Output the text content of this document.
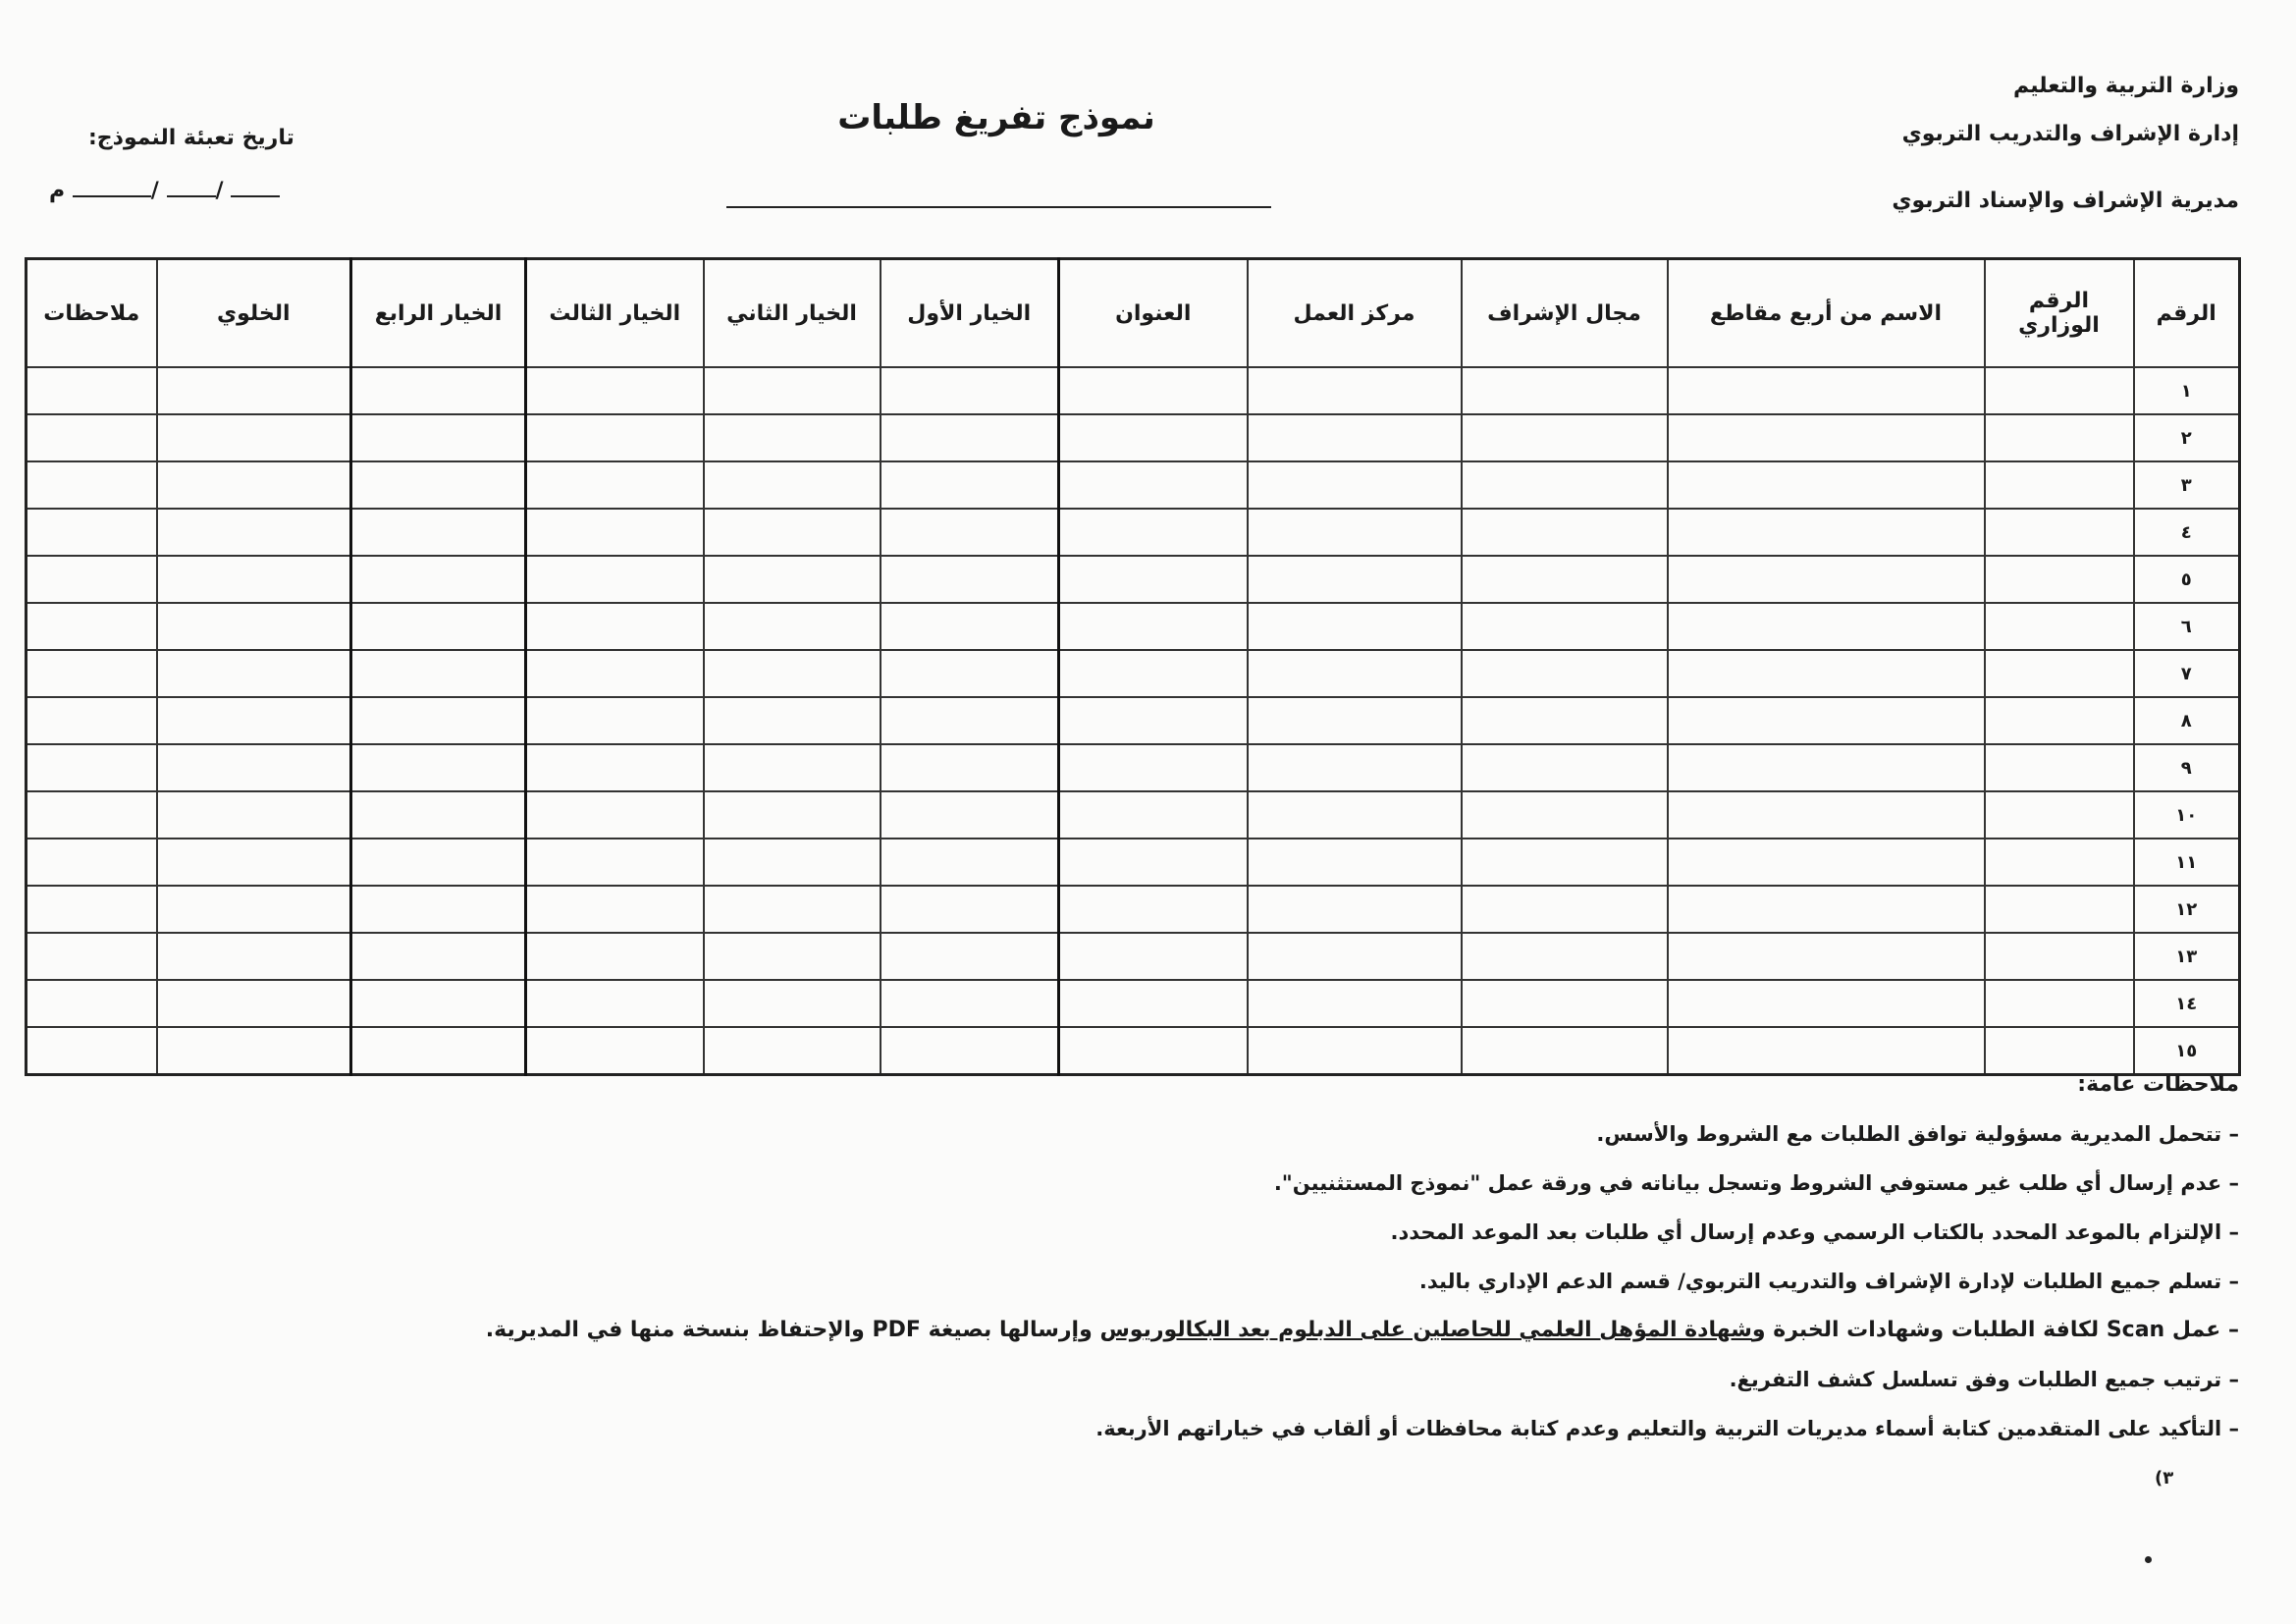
وزارة التربية والتعليم
إدارة الإشراف والتدريب التربوي
مديرية الإشراف والإسناد التربوي
نموذج تفريغ طلبات
تاريخ تعبئة النموذج:
م	/	/
الرقم	الرقم الوزاري	الاسم من أربع مقاطع	مجال الإشراف	مركز العمل	العنوان	الخيار الأول	الخيار الثاني	الخيار الثالث	الخيار الرابع	الخلوي	ملاحظات
١											
٢											
٣											
٤											
٥											
٦											
٧											
٨											
٩											
١٠											
١١											
١٢											
١٣											
١٤											
١٥											
ملاحظات عامة:
– تتحمل المديرية مسؤولية توافق الطلبات مع الشروط والأسس.
– عدم إرسال أي طلب غير مستوفي الشروط وتسجل بياناته في ورقة عمل "نموذج المستثنيين".
– الإلتزام بالموعد المحدد بالكتاب الرسمي وعدم إرسال أي طلبات بعد الموعد المحدد.
– تسلم جميع الطلبات لإدارة الإشراف والتدريب التربوي/ قسم الدعم الإداري باليد.
– عمل Scan لكافة الطلبات وشهادات الخبرة وشهادة المؤهل العلمي للحاصلين على الدبلوم بعد البكالوريوس وإرسالها بصيغة PDF والإحتفاظ بنسخة منها في المديرية.
– ترتيب جميع الطلبات وفق تسلسل كشف التفريغ.
– التأكيد على المتقدمين كتابة أسماء مديريات التربية والتعليم وعدم كتابة محافظات أو ألقاب في خياراتهم الأربعة.
(٣
